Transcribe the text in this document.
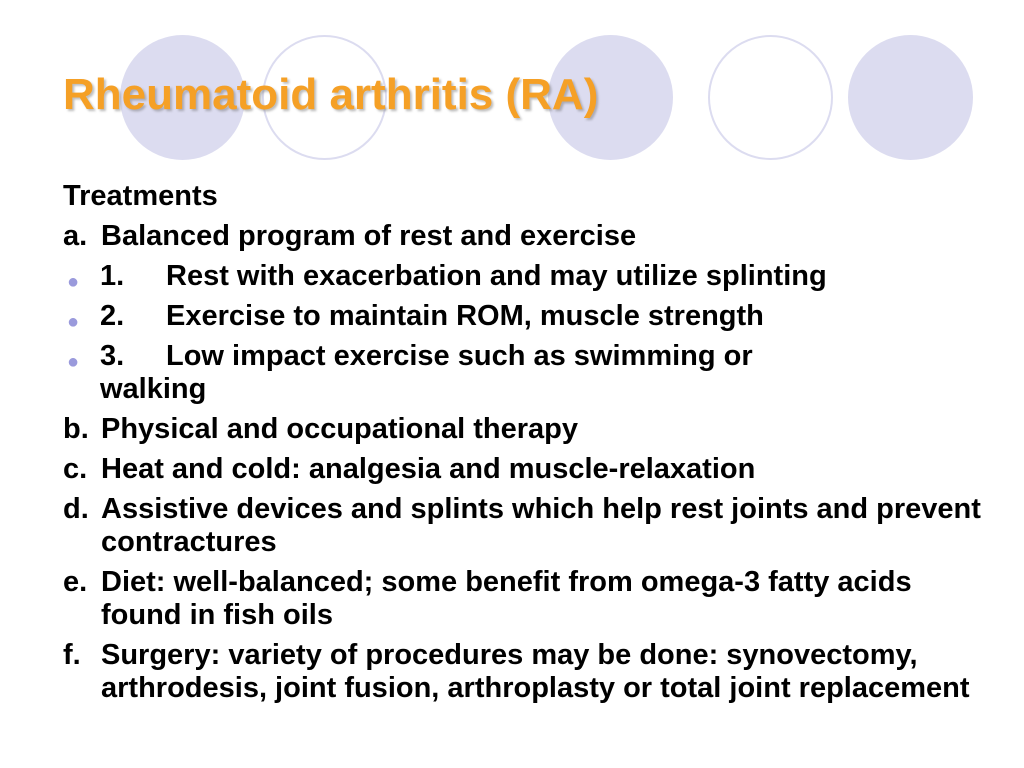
Rheumatoid arthritis (RA)
Treatments
a. Balanced program of rest and exercise
● 1.	Rest with exacerbation and may utilize splinting
● 2.	Exercise to maintain ROM, muscle strength
● 3.	Low impact exercise such as swimming or
walking
b. Physical and occupational therapy
c. Heat and cold: analgesia and muscle-relaxation
d. Assistive devices and splints which help rest joints and prevent contractures
e. Diet: well-balanced; some benefit from omega-3 fatty acids found in fish oils
f. Surgery: variety of procedures may be done: synovectomy, arthrodesis, joint fusion, arthroplasty or total joint replacement
